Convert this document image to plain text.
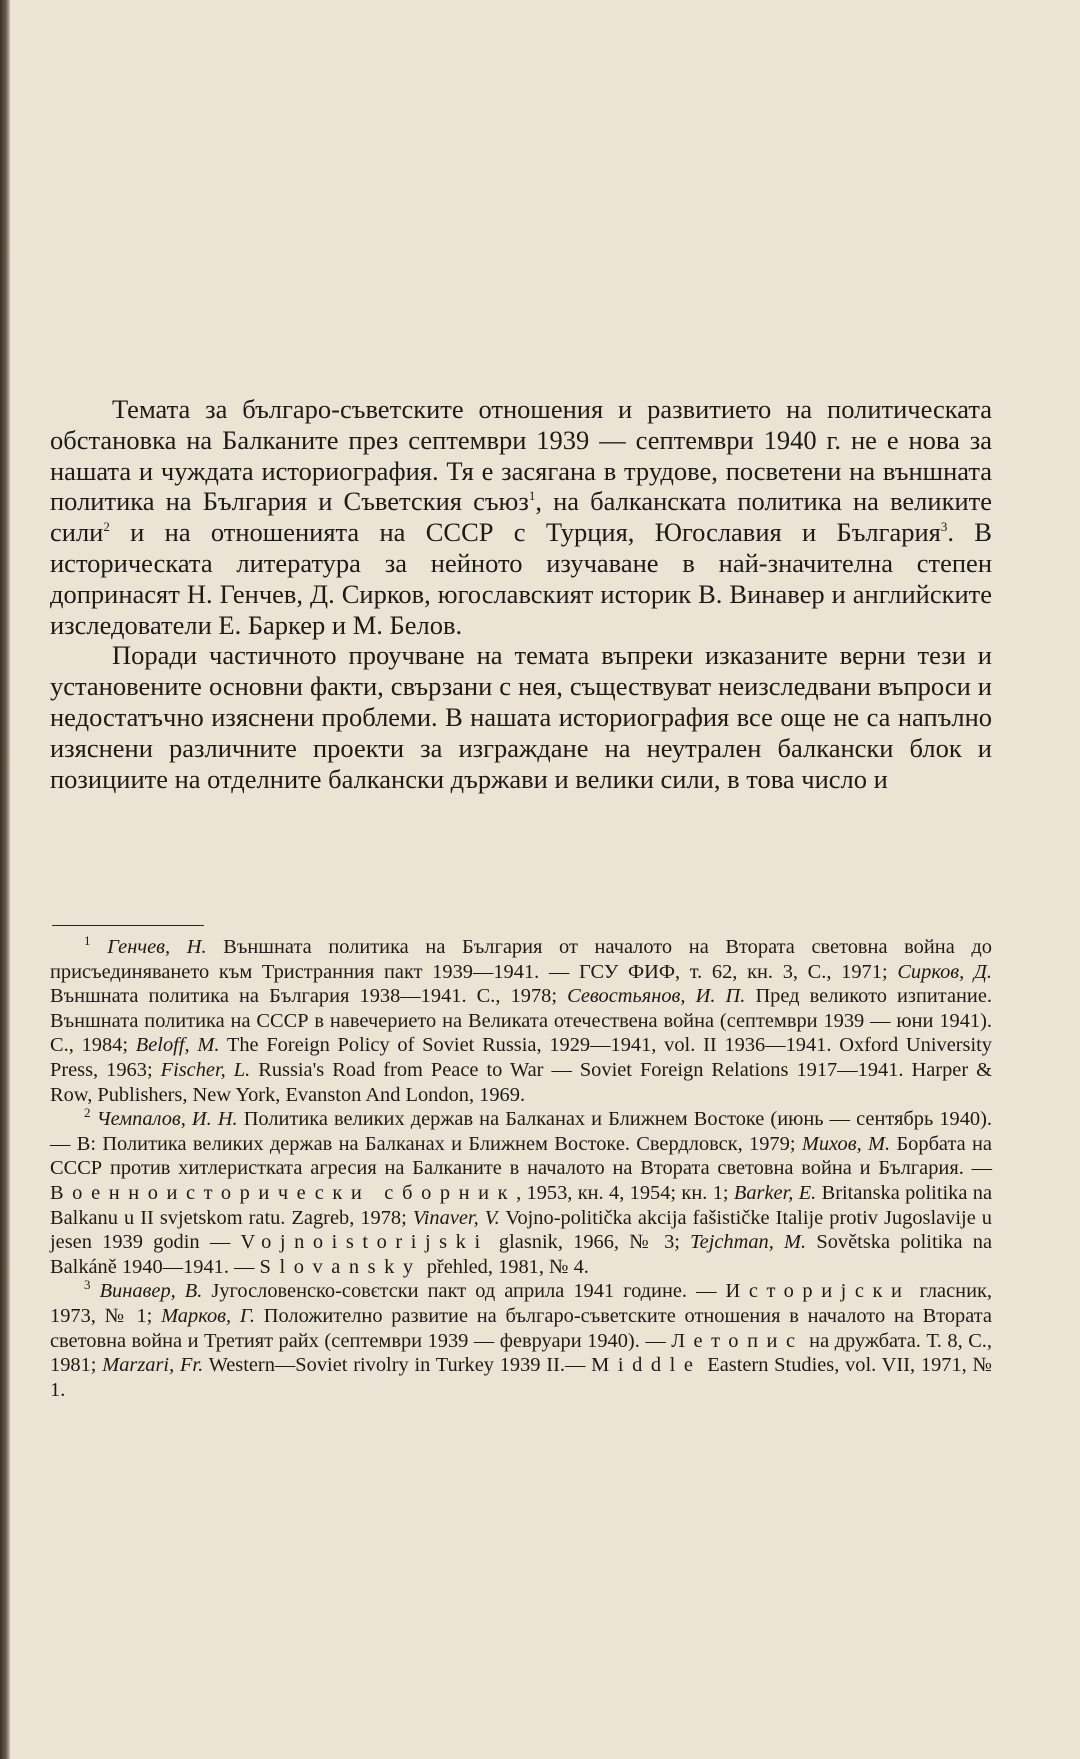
Темата за българо-съветските отношения и развитието на политическата обстановка на Балканите през септември 1939 — септември 1940 г. не е нова за нашата и чуждата историография. Тя е засягана в трудове, посветени на външната политика на България и Съветския съюз$^1$, на балканската политика на великите сили$^2$ и на отношенията на СССР с Турция, Югославия и България$^3$. В историческата литература за нейното изучаване в най-значителна степен допринасят Н. Генчев, Д. Сирков, югославският историк В. Винавер и английските изследователи Е. Баркер и М. Белов.

Поради частичното проучване на темата въпреки изказаните верни тези и установените основни факти, свързани с нея, съществуват неизследвани въпроси и недостатъчно изяснени проблеми. В нашата историография все още не са напълно изяснени различните проекти за изграждане на неутрален балкански блок и позициите на отделните балкански държави и велики сили, в това число и

$^1$ Генчев, Н. Външната политика на България от началото на Втората световна война до присъединяването към Тристранния пакт 1939—1941. — ГСУ ФИФ, т. 62, кн. 3, С., 1971; Сирков, Д. Външната политика на България 1938—1941. С., 1978; Севостьянов, И. П. Пред великото изпитание. Външната политика на СССР в навечерието на Великата отечествена война (септември 1939 — юни 1941). С., 1984; Beloff, M. The Foreign Policy of Soviet Russia, 1929—1941, vol. II 1936—1941. Oxford University Press, 1963; Fischer, L. Russia's Road from Peace to War — Soviet Foreign Relations 1917—1941. Harper & Row, Publishers, New York, Evanston And London, 1969.

$^2$ Чемпалов, И. Н. Политика великих держав на Балканах и Ближнем Востоке (июнь — сентябрь 1940). — В: Политика великих держав на Балканах и Ближнем Востоке. Свердловск, 1979; Михов, М. Борбата на СССР против хитлеристката агресия на Балканите в началото на Втората световна война и България. — Военноисторически сборник, 1953, кн. 4, 1954; кн. 1; Barker, E. Britanska politika na Balkanu u II svjetskom ratu. Zagreb, 1978; Vinaver, V. Vojno-politička akcija fašističke Italije protiv Jugoslavije u jesen 1939 godin — Vojnoistorijski glasnik, 1966, № 3; Tejchman, M. Sovětska politika na Balkáně 1940—1941. — Slovansky přehled, 1981, № 4.

$^3$ Винавер, В. Југословенско-совєтски пакт од априла 1941 године. — Историјски гласник, 1973, № 1; Марков, Г. Положително развитие на българо-съветските отношения в началото на Втората световна война и Третият райх (септември 1939 — февруари 1940). — Летопис на дружбата. Т. 8, С., 1981; Marzari, Fr. Western—Soviet rivolry in Turkey 1939 II.— Middle Eastern Studies, vol. VII, 1971, № 1.
